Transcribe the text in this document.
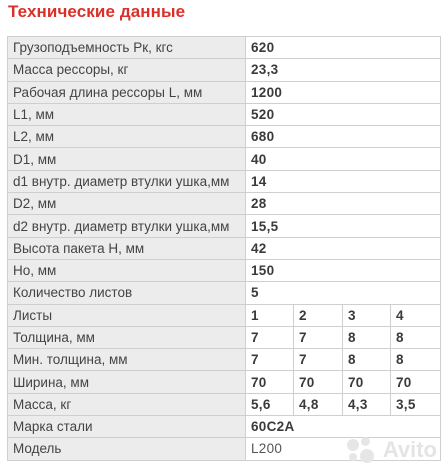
Технические данные
Грузоподъемность Рк, кгс	620			
Масса рессоры, кг	23,3			
Рабочая длина рессоры L, мм	1200			
L1, мм	520			
L2, мм	680			
D1, мм	40			
d1 внутр. диаметр втулки ушка,мм	14			
D2, мм	28			
d2 внутр. диаметр втулки ушка,мм	15,5			
Высота пакета Н, мм	42			
Но, мм	150			
Количество листов	5			
Листы	1	2	3	4
Толщина, мм	7	7	8	8
Мин. толщина, мм	7	7	8	8
Ширина, мм	70	70	70	70
Масса, кг	5,6	4,8	4,3	3,5
Марка стали	60С2А			
Модель	L200				Avito
